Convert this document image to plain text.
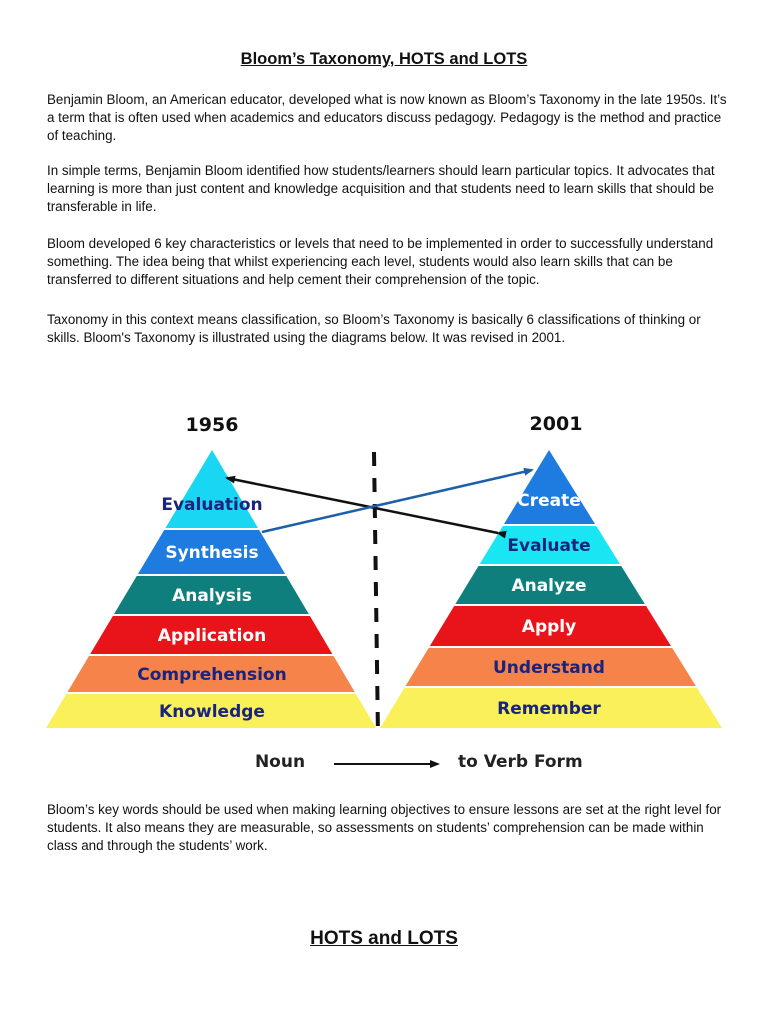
Bloom’s Taxonomy, HOTS and LOTS

Benjamin Bloom, an American educator, developed what is now known as Bloom’s Taxonomy in the late 1950s. It’s a term that is often used when academics and educators discuss pedagogy. Pedagogy is the method and practice of teaching.

In simple terms, Benjamin Bloom identified how students/learners should learn particular topics. It advocates that learning is more than just content and knowledge acquisition and that students need to learn skills that should be transferable in life.

Bloom developed 6 key characteristics or levels that need to be implemented in order to successfully understand something. The idea being that whilst experiencing each level, students would also learn skills that can be transferred to different situations and help cement their comprehension of the topic.

Taxonomy in this context means classification, so Bloom’s Taxonomy is basically 6 classifications of thinking or skills. Bloom's Taxonomy is illustrated using the diagrams below. It was revised in 2001.

1956	2001
Evaluation
Synthesis
Analysis
Application
Comprehension
Knowledge
Create
Evaluate
Analyze
Apply
Understand
Remember
Noun	to Verb Form

Bloom’s key words should be used when making learning objectives to ensure lessons are set at the right level for students. It also means they are measurable, so assessments on students’ comprehension can be made within class and through the students’ work.

HOTS and LOTS
